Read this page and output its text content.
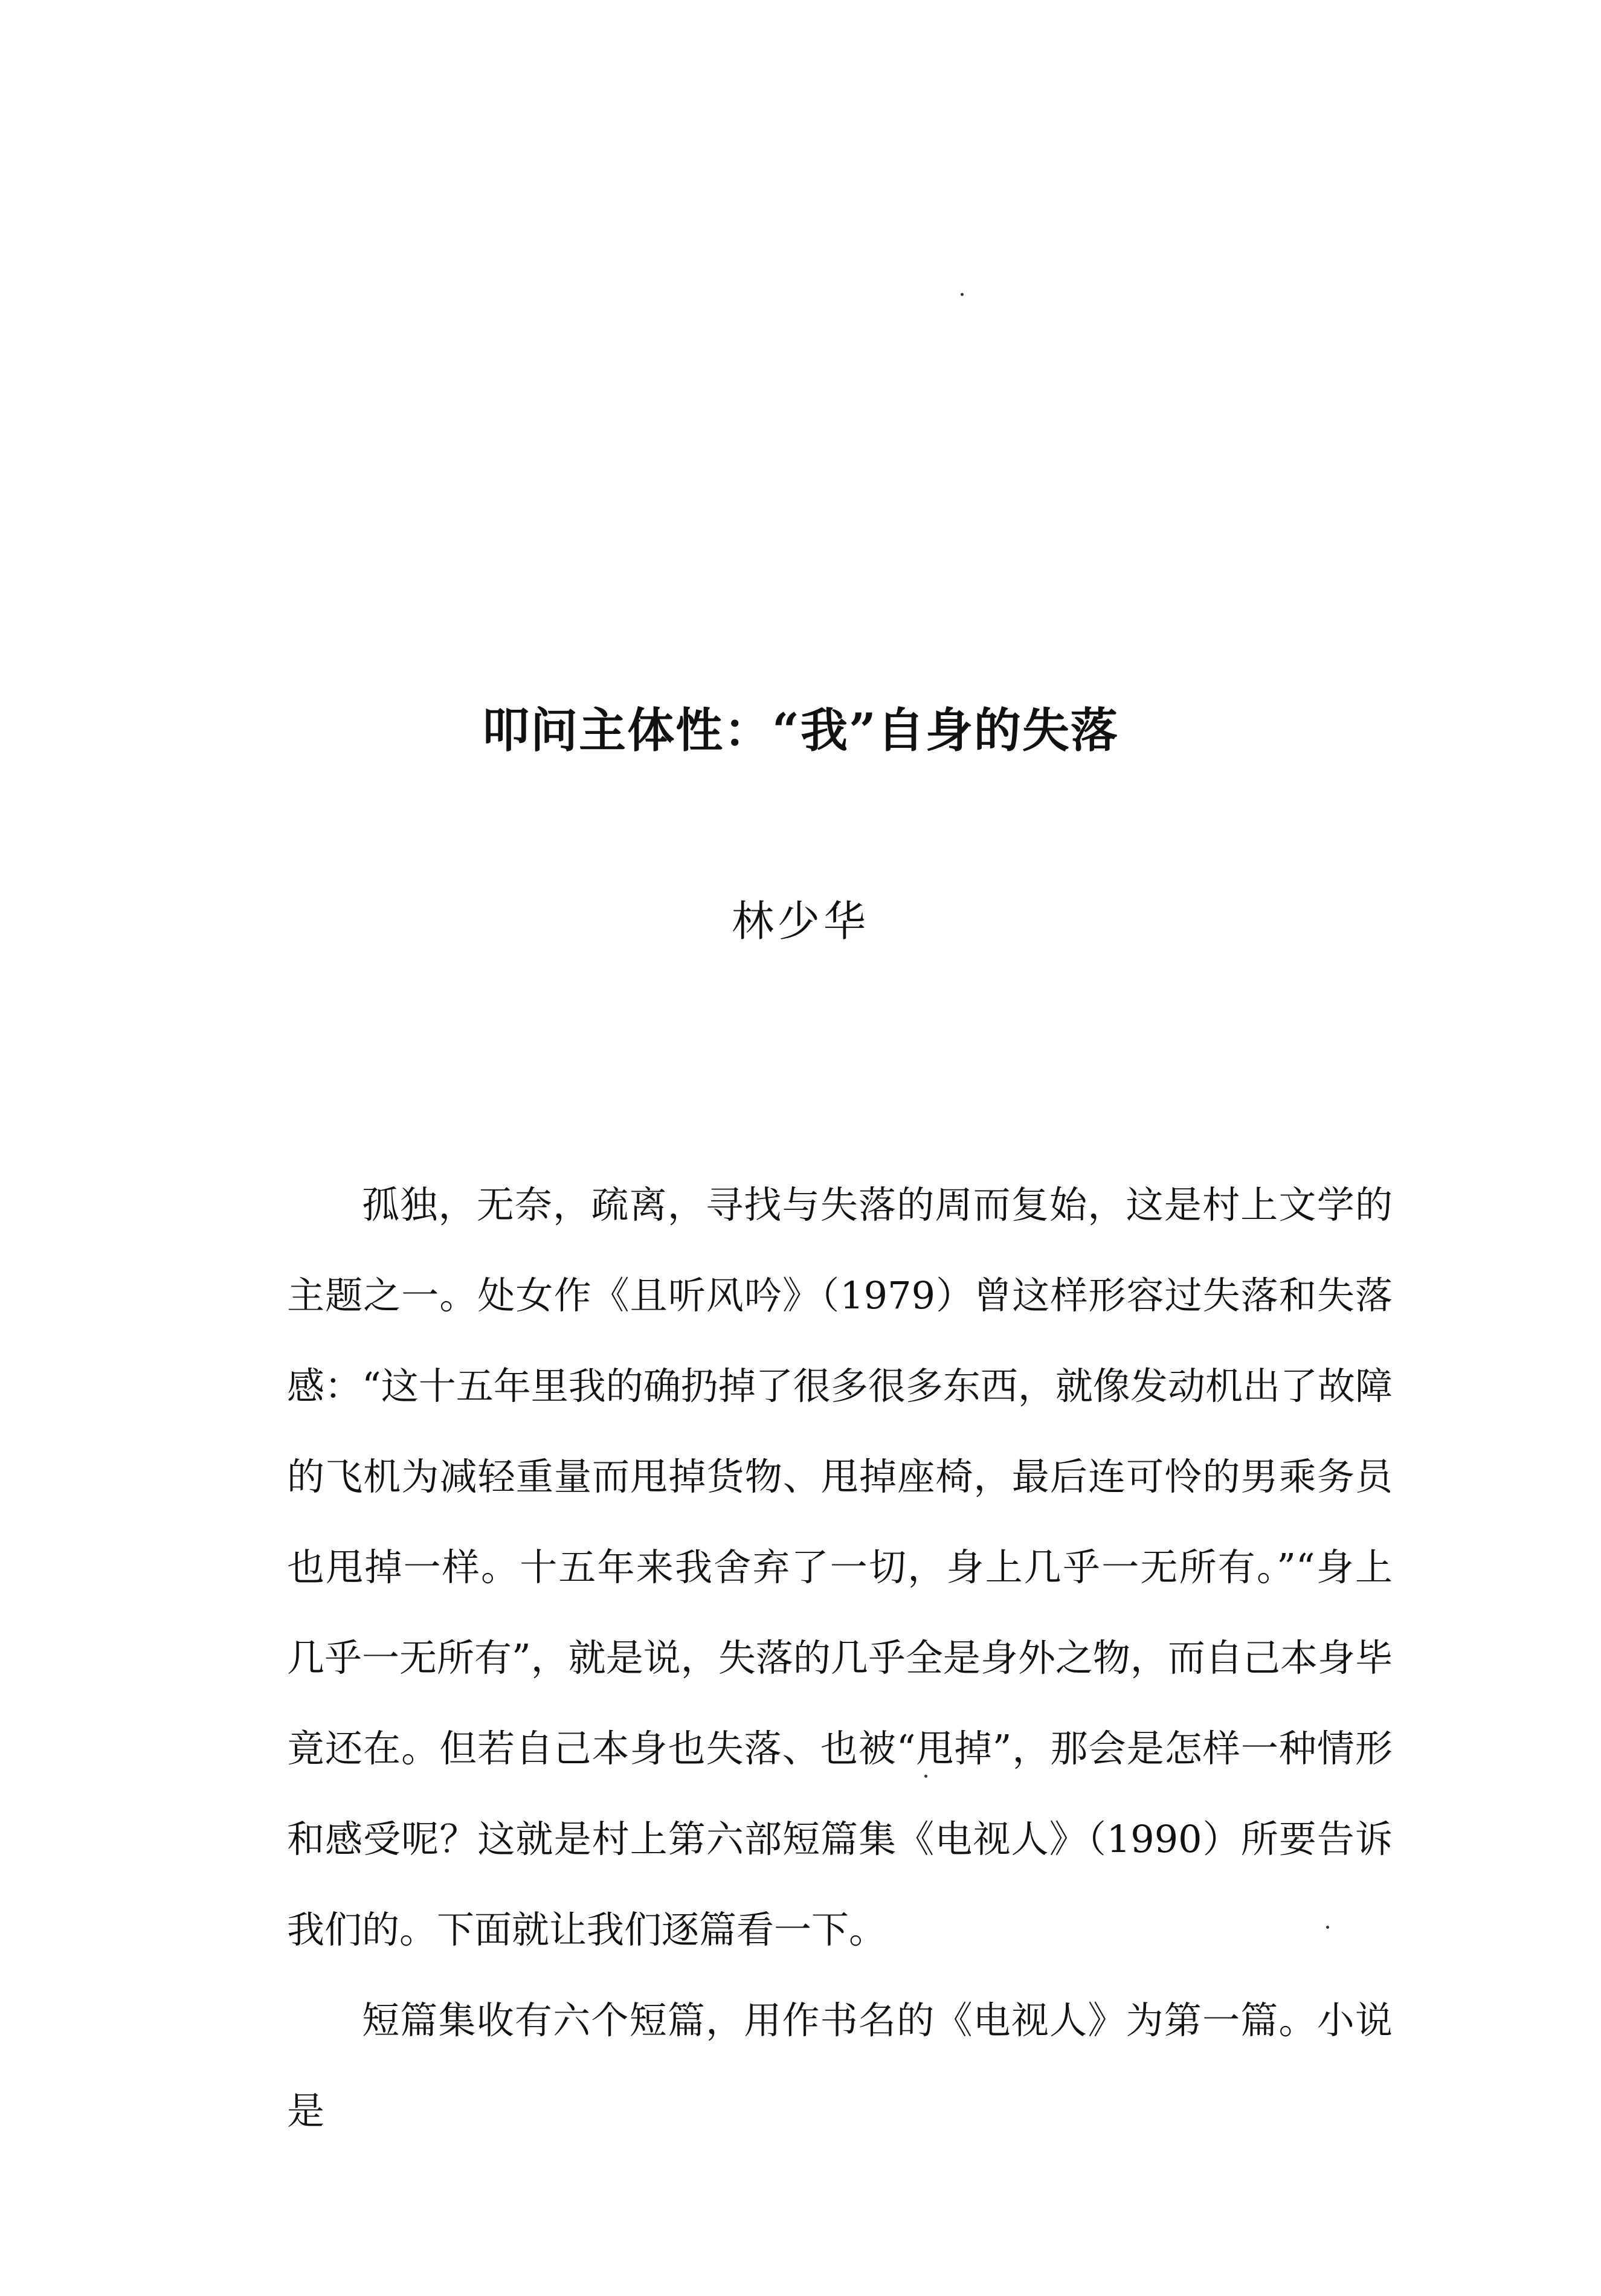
叩问主体性：“我”自身的失落
林少华

孤独，无奈，疏离，寻找与失落的周而复始，这是村上文学的主题之一。处女作《且听风吟》（1979）曾这样形容过失落和失落感：“这十五年里我的确扔掉了很多很多东西，就像发动机出了故障的飞机为减轻重量而甩掉货物、甩掉座椅，最后连可怜的男乘务员也甩掉一样。十五年来我舍弃了一切，身上几乎一无所有。”“身上几乎一无所有”，就是说，失落的几乎全是身外之物，而自己本身毕竟还在。但若自己本身也失落、也被“甩掉”，那会是怎样一种情形和感受呢？这就是村上第六部短篇集《电视人》（1990）所要告诉我们的。下面就让我们逐篇看一下。

短篇集收有六个短篇，用作书名的《电视人》为第一篇。小说是
